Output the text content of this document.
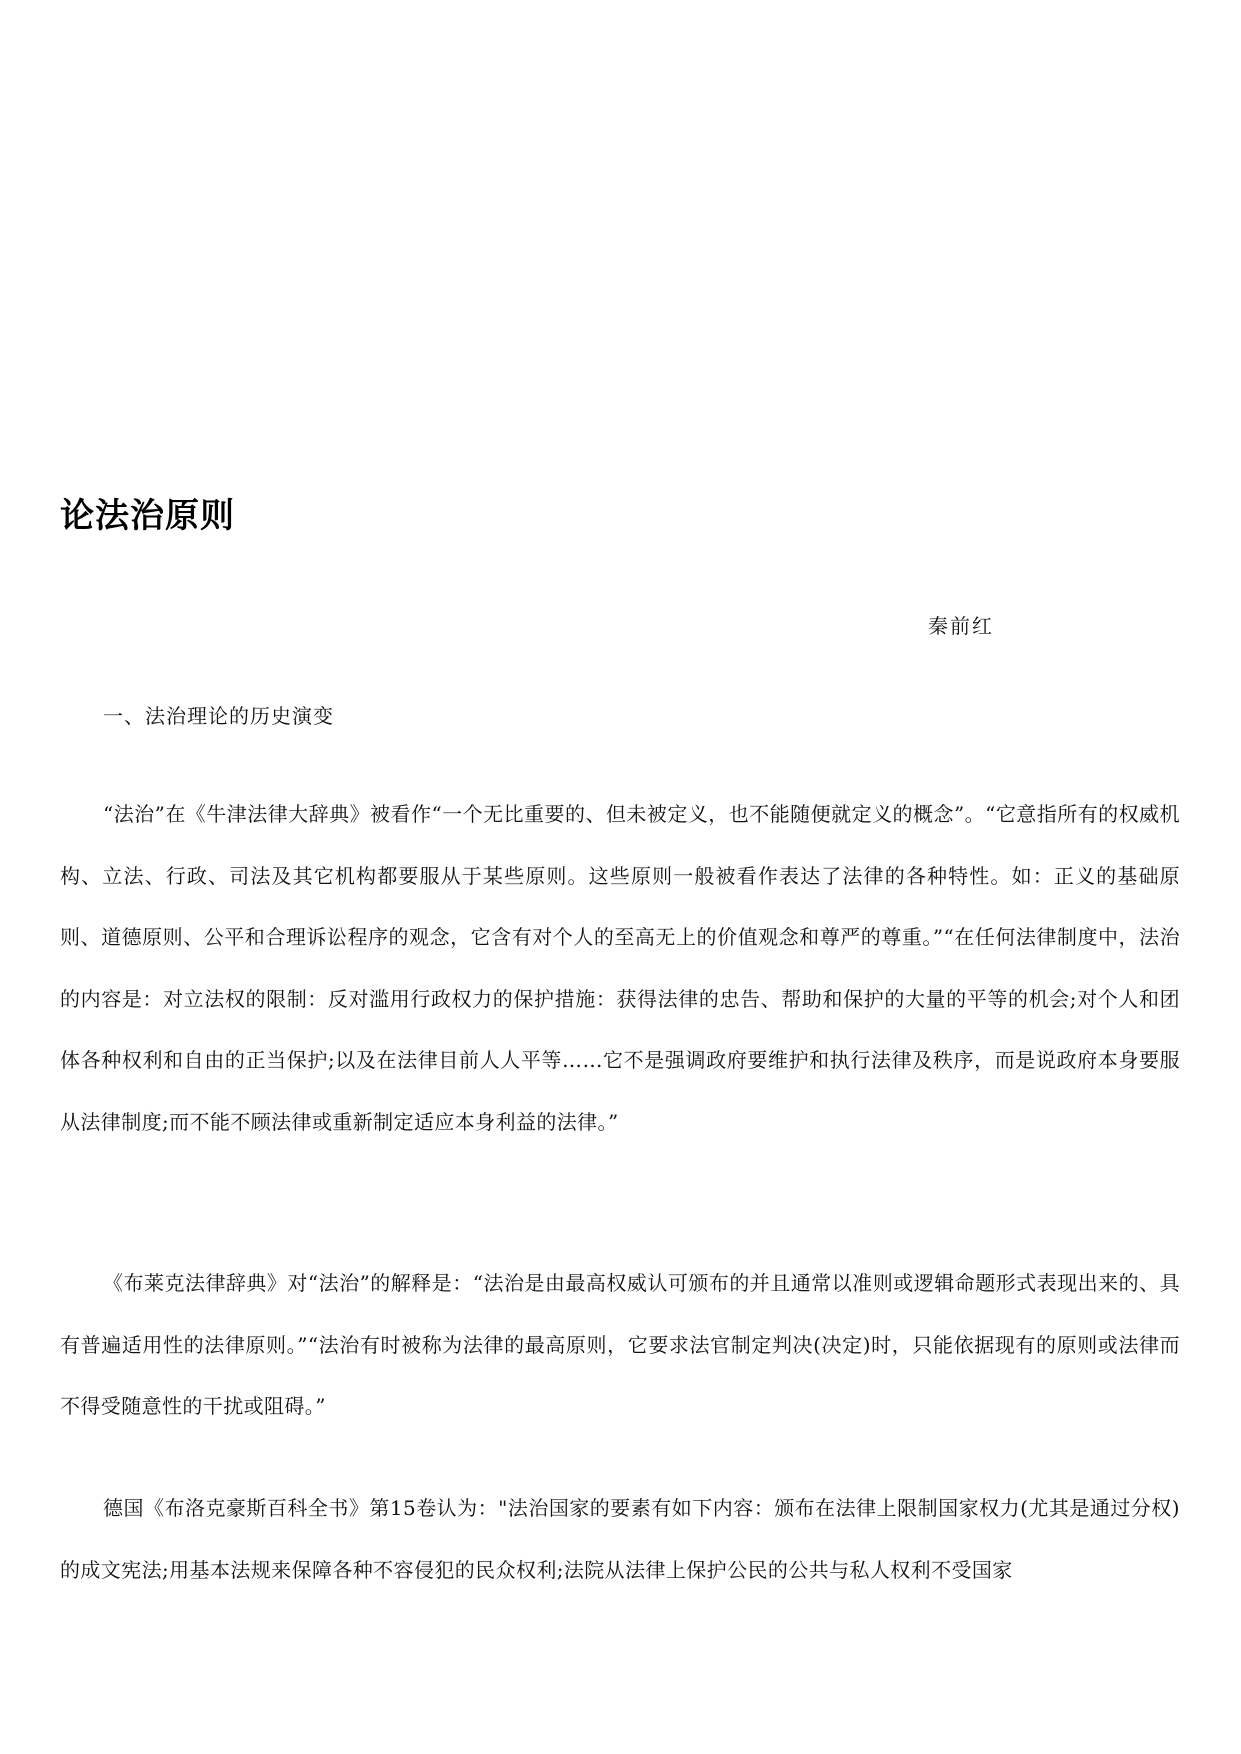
论法治原则
秦前红
一、法治理论的历史演变

“法治”在《牛津法律大辞典》被看作“一个无比重要的、但未被定义，也不能随便就定义的概念”。“它意指所有的权威机构、立法、行政、司法及其它机构都要服从于某些原则。这些原则一般被看作表达了法律的各种特性。如：正义的基础原则、道德原则、公平和合理诉讼程序的观念，它含有对个人的至高无上的价值观念和尊严的尊重。”“在任何法律制度中，法治的内容是：对立法权的限制：反对滥用行政权力的保护措施：获得法律的忠告、帮助和保护的大量的平等的机会;对个人和团体各种权利和自由的正当保护;以及在法律目前人人平等……它不是强调政府要维护和执行法律及秩序，而是说政府本身要服从法律制度;而不能不顾法律或重新制定适应本身利益的法律。”

《布莱克法律辞典》对“法治”的解释是：“法治是由最高权威认可颁布的并且通常以准则或逻辑命题形式表现出来的、具有普遍适用性的法律原则。”“法治有时被称为法律的最高原则，它要求法官制定判决(决定)时，只能依据现有的原则或法律而不得受随意性的干扰或阻碍。”

德国《布洛克豪斯百科全书》第15卷认为："法治国家的要素有如下内容：颁布在法律上限制国家权力(尤其是通过分权)的成文宪法;用基本法规来保障各种不容侵犯的民众权利;法院从法律上保护公民的公共与私人权利不受国家
